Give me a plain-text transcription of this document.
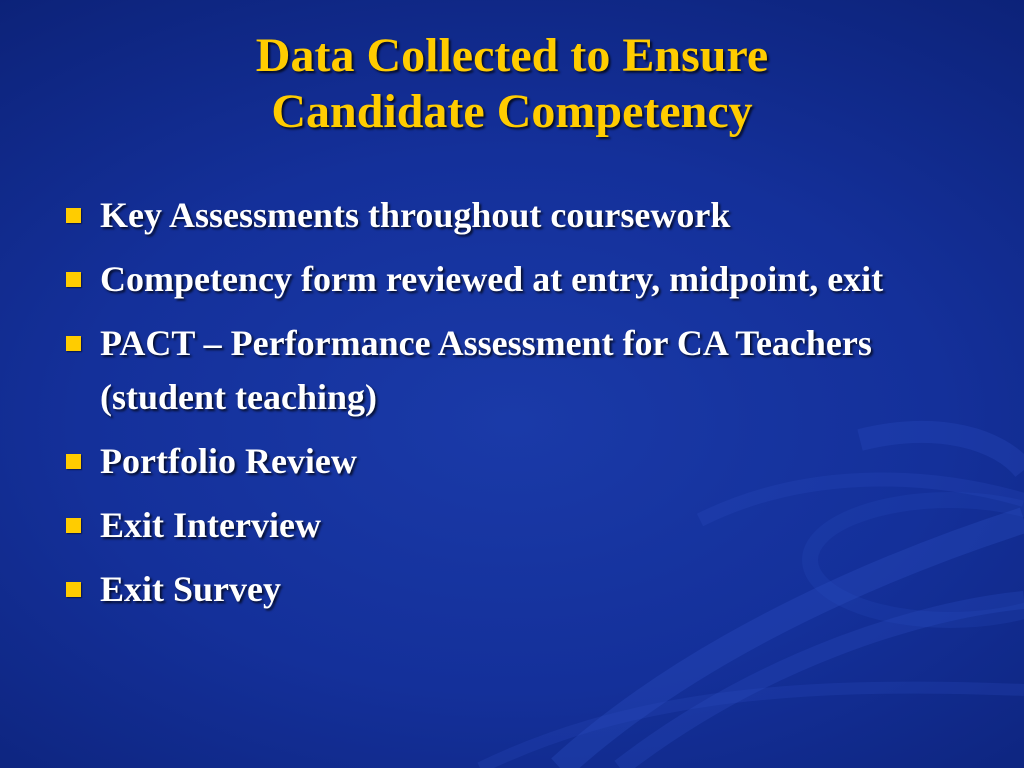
Data Collected to Ensure
Candidate Competency
Key Assessments throughout coursework
Competency form reviewed at entry, midpoint, exit
PACT – Performance Assessment for CA Teachers (student teaching)
Portfolio Review
Exit Interview
Exit Survey
